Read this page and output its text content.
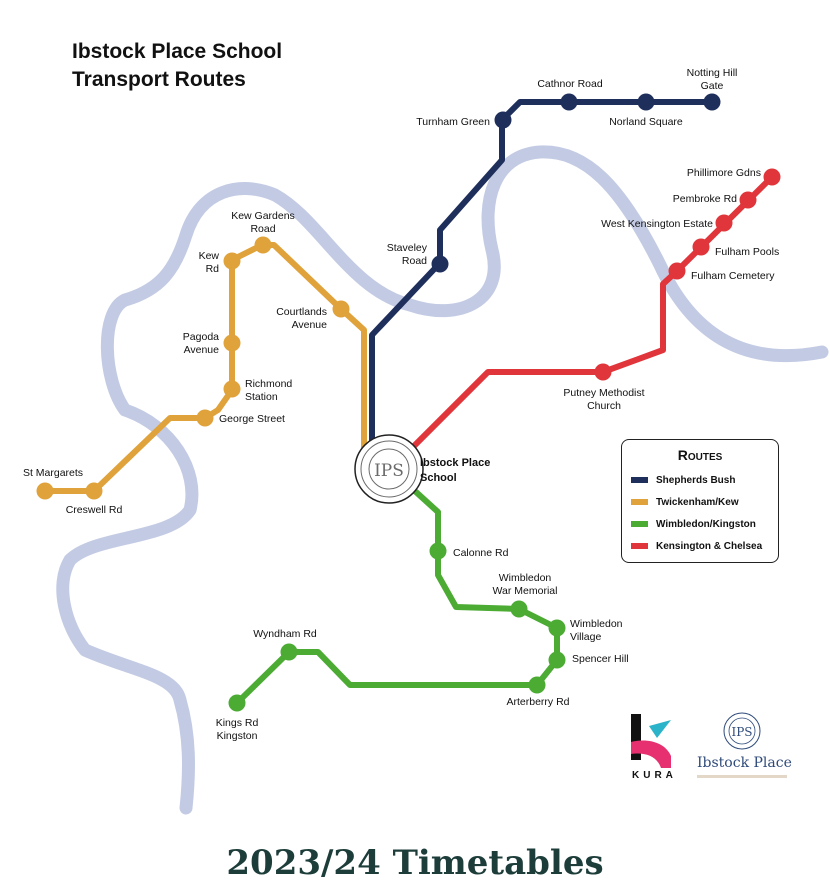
Ibstock Place School
Transport Routes
Staveley
Road
Turnham Green
Cathnor Road
Norland Square
Notting Hill
Gate
Courtlands
Avenue
Kew Gardens
Road
Kew
Rd
Pagoda
Avenue
Richmond
Station
George Street
Creswell Rd
St Margarets
Calonne Rd
Wimbledon
War Memorial
Wimbledon
Village
Spencer Hill
Arterberry Rd
Wyndham Rd
Kings Rd
Kingston
Putney Methodist
Church
Fulham Cemetery
Fulham Pools
West Kensington Estate
Pembroke Rd
Phillimore Gdns
IPS Ibstock Place
School
Routes
Shepherds Bush
Twickenham/Kew
Wimbledon/Kingston
Kensington & Chelsea
KURA
IPS
Ibstock Place
2023/24 Timetables
